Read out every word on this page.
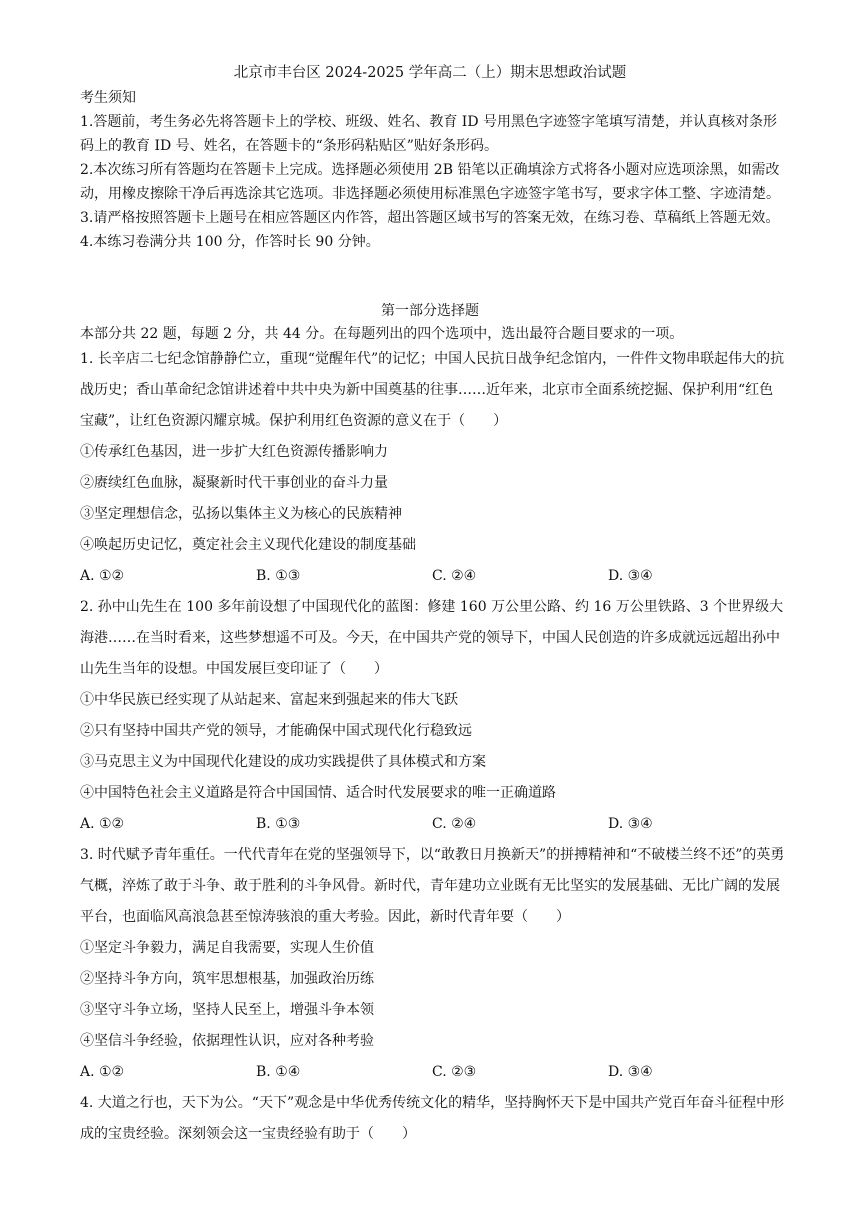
北京市丰台区 2024-2025 学年高二（上）期末思想政治试题

考生须知

1.答题前，考生务必先将答题卡上的学校、班级、姓名、教育 ID 号用黑色字迹签字笔填写清楚，并认真核对条形码上的教育 ID 号、姓名，在答题卡的“条形码粘贴区”贴好条形码。

2.本次练习所有答题均在答题卡上完成。选择题必须使用 2B 铅笔以正确填涂方式将各小题对应选项涂黑，如需改动，用橡皮擦除干净后再选涂其它选项。非选择题必须使用标准黑色字迹签字笔书写，要求字体工整、字迹清楚。

3.请严格按照答题卡上题号在相应答题区内作答，超出答题区域书写的答案无效，在练习卷、草稿纸上答题无效。

4.本练习卷满分共 100 分，作答时长 90 分钟。

第一部分选择题
本部分共 22 题，每题 2 分，共 44 分。在每题列出的四个选项中，选出最符合题目要求的一项。

1. 长辛店二七纪念馆静静伫立，重现“觉醒年代”的记忆；中国人民抗日战争纪念馆内，一件件文物串联起伟大的抗战历史；香山革命纪念馆讲述着中共中央为新中国奠基的往事……近年来，北京市全面系统挖掘、保护利用“红色宝藏”，让红色资源闪耀京城。保护利用红色资源的意义在于（　　）

①传承红色基因，进一步扩大红色资源传播影响力

②赓续红色血脉，凝聚新时代干事创业的奋斗力量

③坚定理想信念，弘扬以集体主义为核心的民族精神

④唤起历史记忆，奠定社会主义现代化建设的制度基础

A. ①②	B. ①③	C. ②④	D. ③④

2. 孙中山先生在 100 多年前设想了中国现代化的蓝图：修建 160 万公里公路、约 16 万公里铁路、3 个世界级大海港……在当时看来，这些梦想遥不可及。今天，在中国共产党的领导下，中国人民创造的许多成就远远超出孙中山先生当年的设想。中国发展巨变印证了（　　）

①中华民族已经实现了从站起来、富起来到强起来的伟大飞跃

②只有坚持中国共产党的领导，才能确保中国式现代化行稳致远

③马克思主义为中国现代化建设的成功实践提供了具体模式和方案

④中国特色社会主义道路是符合中国国情、适合时代发展要求的唯一正确道路

A. ①②	B. ①③	C. ②④	D. ③④

3. 时代赋予青年重任。一代代青年在党的坚强领导下，以“敢教日月换新天”的拼搏精神和“不破楼兰终不还”的英勇气概，淬炼了敢于斗争、敢于胜利的斗争风骨。新时代，青年建功立业既有无比坚实的发展基础、无比广阔的发展平台，也面临风高浪急甚至惊涛骇浪的重大考验。因此，新时代青年要（　　）

①坚定斗争毅力，满足自我需要，实现人生价值

②坚持斗争方向，筑牢思想根基，加强政治历练

③坚守斗争立场，坚持人民至上，增强斗争本领

④坚信斗争经验，依据理性认识，应对各种考验

A. ①②	B. ①④	C. ②③	D. ③④

4. 大道之行也，天下为公。“天下”观念是中华优秀传统文化的精华，坚持胸怀天下是中国共产党百年奋斗征程中形成的宝贵经验。深刻领会这一宝贵经验有助于（　　）
